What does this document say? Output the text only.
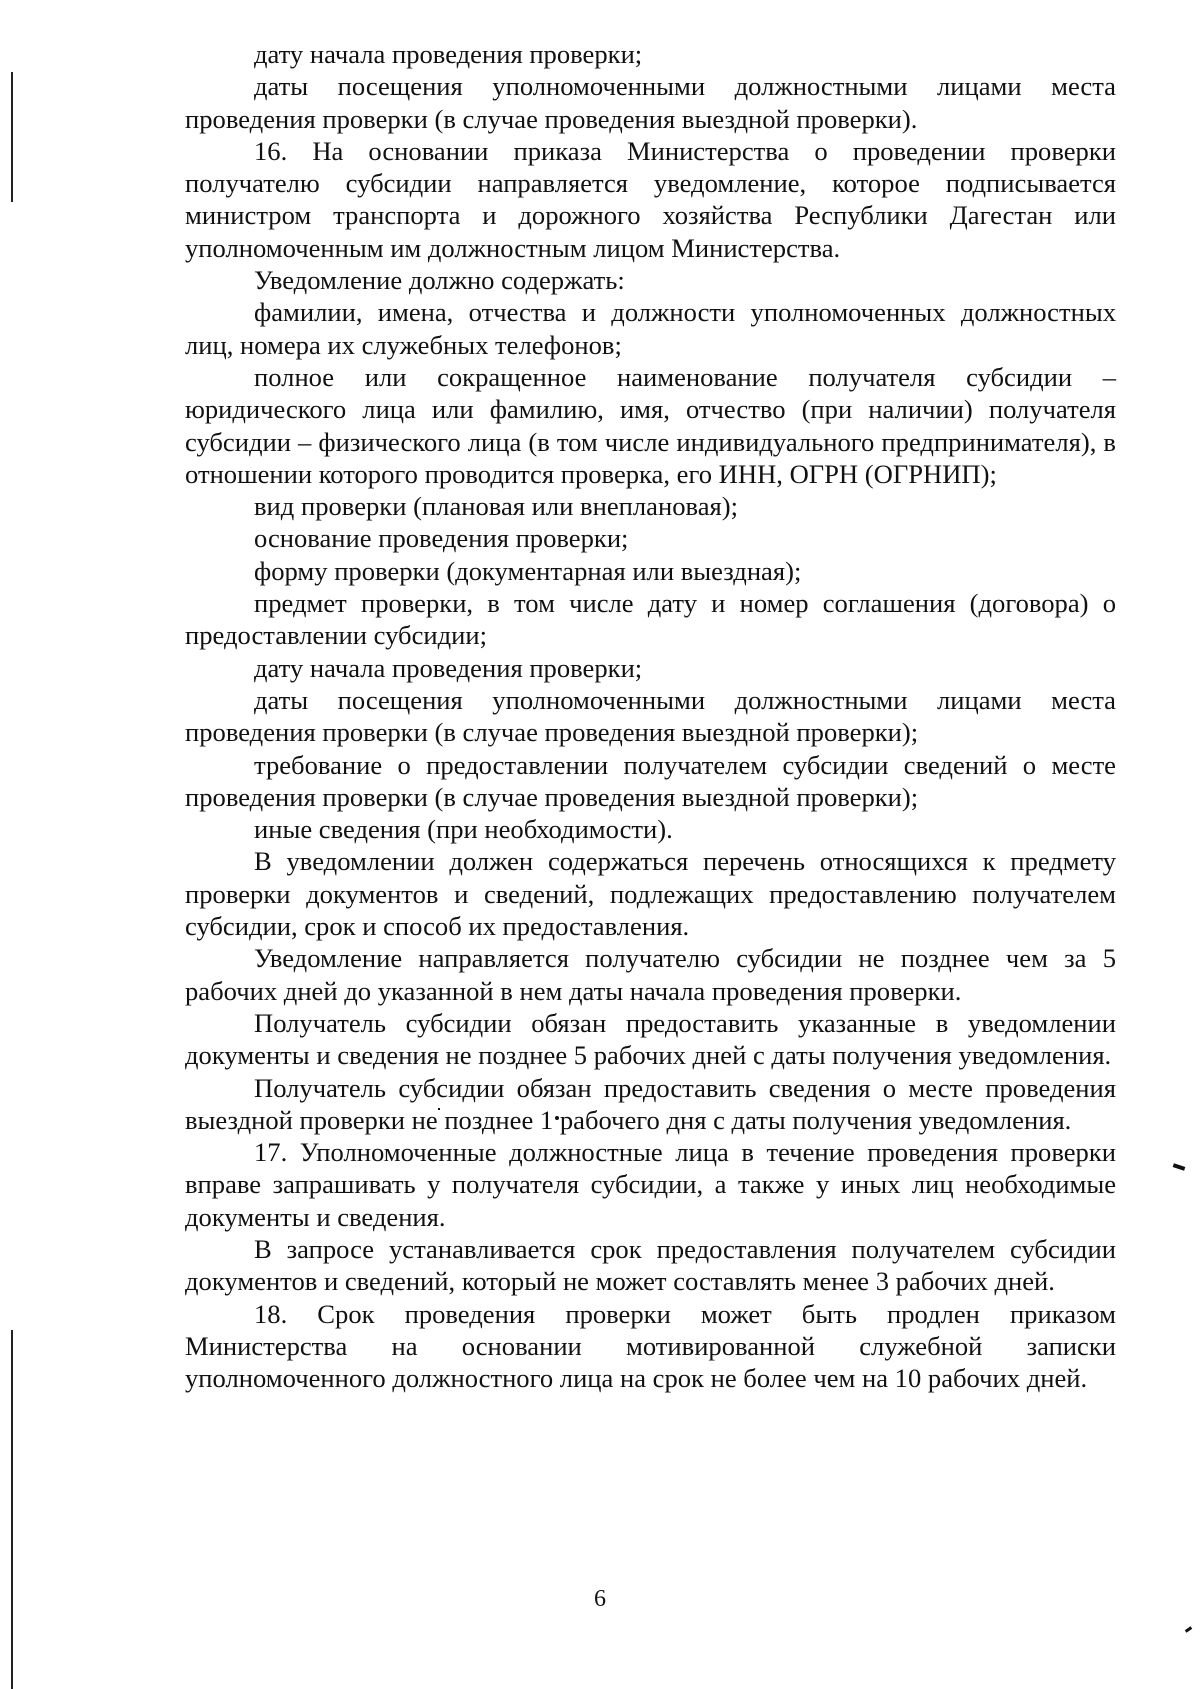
дату начала проведения проверки;

даты посещения уполномоченными должностными лицами места проведения проверки (в случае проведения выездной проверки).

16. На основании приказа Министерства о проведении проверки получателю субсидии направляется уведомление, которое подписывается министром транспорта и дорожного хозяйства Республики Дагестан или уполномоченным им должностным лицом Министерства.

Уведомление должно содержать:

фамилии, имена, отчества и должности уполномоченных должностных лиц, номера их служебных телефонов;

полное или сокращенное наименование получателя субсидии – юридического лица или фамилию, имя, отчество (при наличии) получателя субсидии – физического лица (в том числе индивидуального предпринимателя), в отношении которого проводится проверка, его ИНН, ОГРН (ОГРНИП);

вид проверки (плановая или внеплановая);

основание проведения проверки;

форму проверки (документарная или выездная);

предмет проверки, в том числе дату и номер соглашения (договора) о предоставлении субсидии;

дату начала проведения проверки;

даты посещения уполномоченными должностными лицами места проведения проверки (в случае проведения выездной проверки);

требование о предоставлении получателем субсидии сведений о месте проведения проверки (в случае проведения выездной проверки);

иные сведения (при необходимости).

В уведомлении должен содержаться перечень относящихся к предмету проверки документов и сведений, подлежащих предоставлению получателем субсидии, срок и способ их предоставления.

Уведомление направляется получателю субсидии не позднее чем за 5 рабочих дней до указанной в нем даты начала проведения проверки.

Получатель субсидии обязан предоставить указанные в уведомлении документы и сведения не позднее 5 рабочих дней с даты получения уведомления.

Получатель субсидии обязан предоставить сведения о месте проведения выездной проверки не позднее 1 рабочего дня с даты получения уведомления.

17. Уполномоченные должностные лица в течение проведения проверки вправе запрашивать у получателя субсидии, а также у иных лиц необходимые документы и сведения.

В запросе устанавливается срок предоставления получателем субсидии документов и сведений, который не может составлять менее 3 рабочих дней.

18. Срок проведения проверки может быть продлен приказом Министерства на основании мотивированной служебной записки уполномоченного должностного лица на срок не более чем на 10 рабочих дней.

6
